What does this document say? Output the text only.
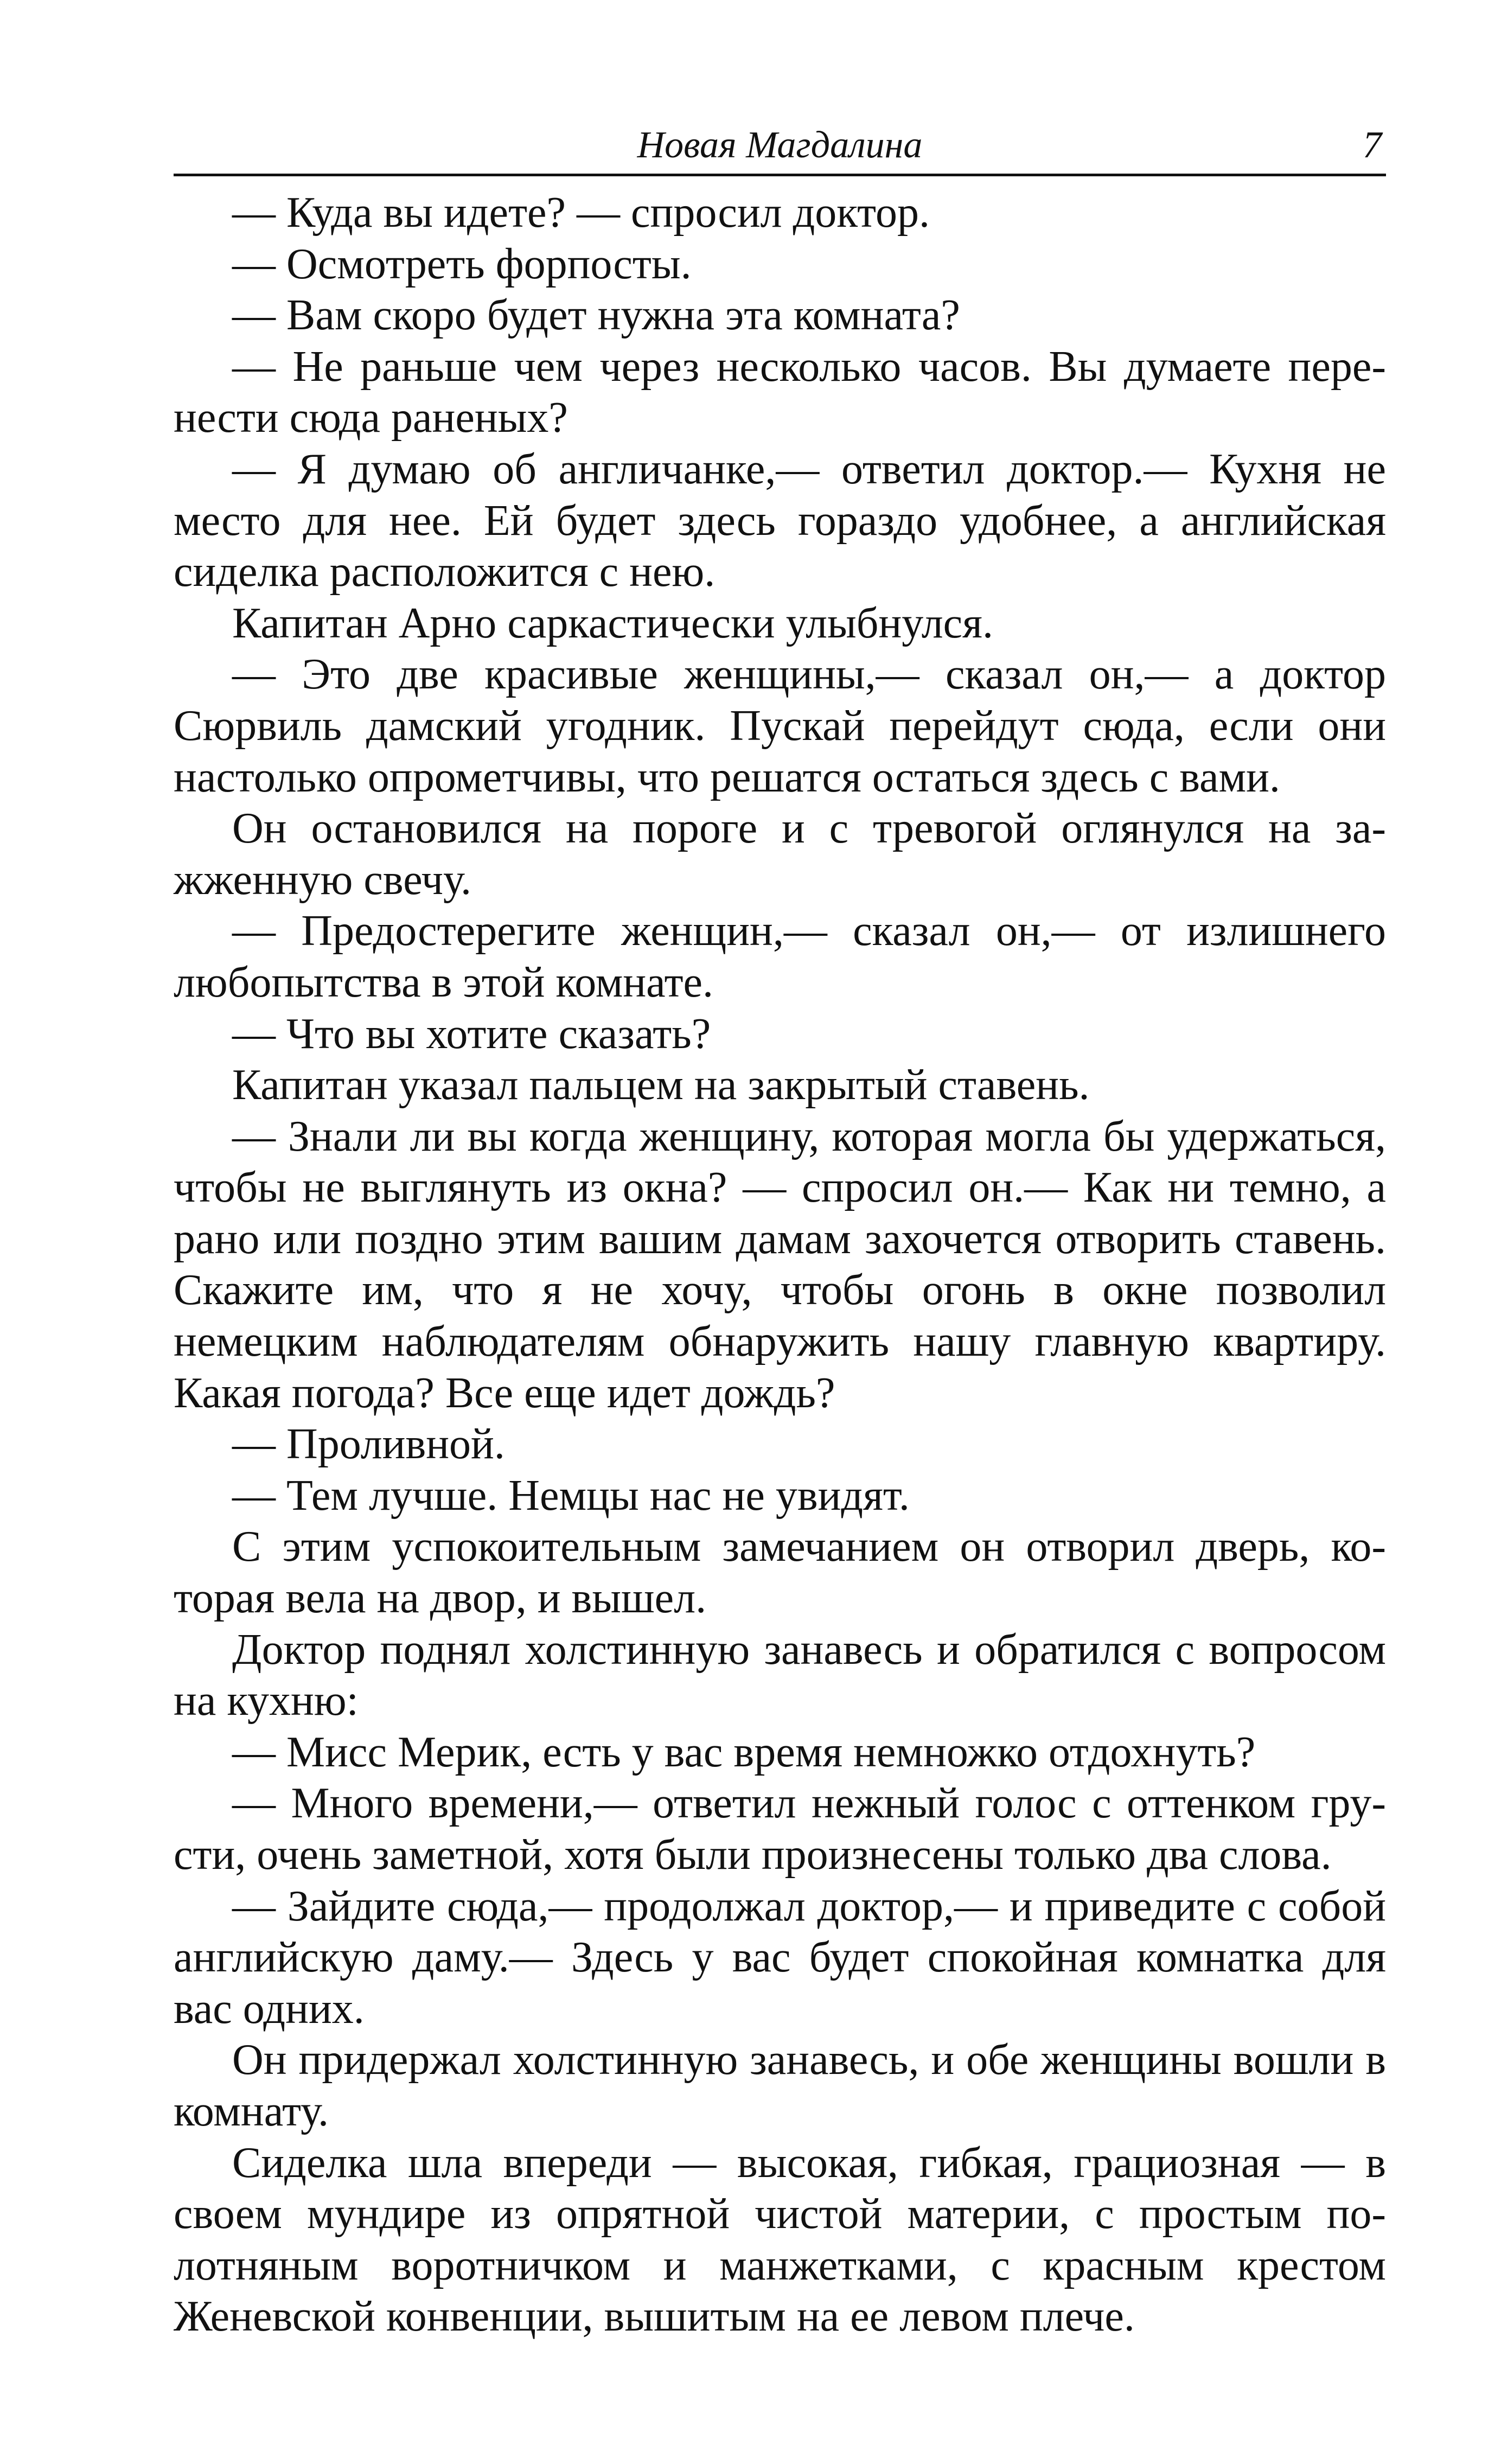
Новая Магдалина	7

— Куда вы идете? — спросил доктор.

— Осмотреть форпосты.

— Вам скоро будет нужна эта комната?

— Не раньше чем через несколько часов. Вы думаете перенести сюда раненых?

— Я думаю об англичанке,— ответил доктор.— Кухня не место для нее. Ей будет здесь гораздо удобнее, а английская сиделка расположится с нею.

Капитан Арно саркастически улыбнулся.

— Это две красивые женщины,— сказал он,— а доктор Сюрвиль дамский угодник. Пускай перейдут сюда, если они настолько опрометчивы, что решатся остаться здесь с вами.

Он остановился на пороге и с тревогой оглянулся на зажженную свечу.

— Предостерегите женщин,— сказал он,— от излишнего любопытства в этой комнате.

— Что вы хотите сказать?

Капитан указал пальцем на закрытый ставень.

— Знали ли вы когда женщину, которая могла бы удержаться, чтобы не выглянуть из окна? — спросил он.— Как ни темно, а рано или поздно этим вашим дамам захочется отворить ставень. Скажите им, что я не хочу, чтобы огонь в окне позволил немецким наблюдателям обнаружить нашу главную квартиру. Какая погода? Все еще идет дождь?

— Проливной.

— Тем лучше. Немцы нас не увидят.

С этим успокоительным замечанием он отворил дверь, которая вела на двор, и вышел.

Доктор поднял холстинную занавесь и обратился с вопросом на кухню:

— Мисс Мерик, есть у вас время немножко отдохнуть?

— Много времени,— ответил нежный голос с оттенком грусти, очень заметной, хотя были произнесены только два слова.

— Зайдите сюда,— продолжал доктор,— и приведите с собой английскую даму.— Здесь у вас будет спокойная комнатка для вас одних.

Он придержал холстинную занавесь, и обе женщины вошли в комнату.

Сиделка шла впереди — высокая, гибкая, грациозная — в своем мундире из опрятной чистой материи, с простым полотняным воротничком и манжетками, с красным крестом Женевской конвенции, вышитым на ее левом плече.
